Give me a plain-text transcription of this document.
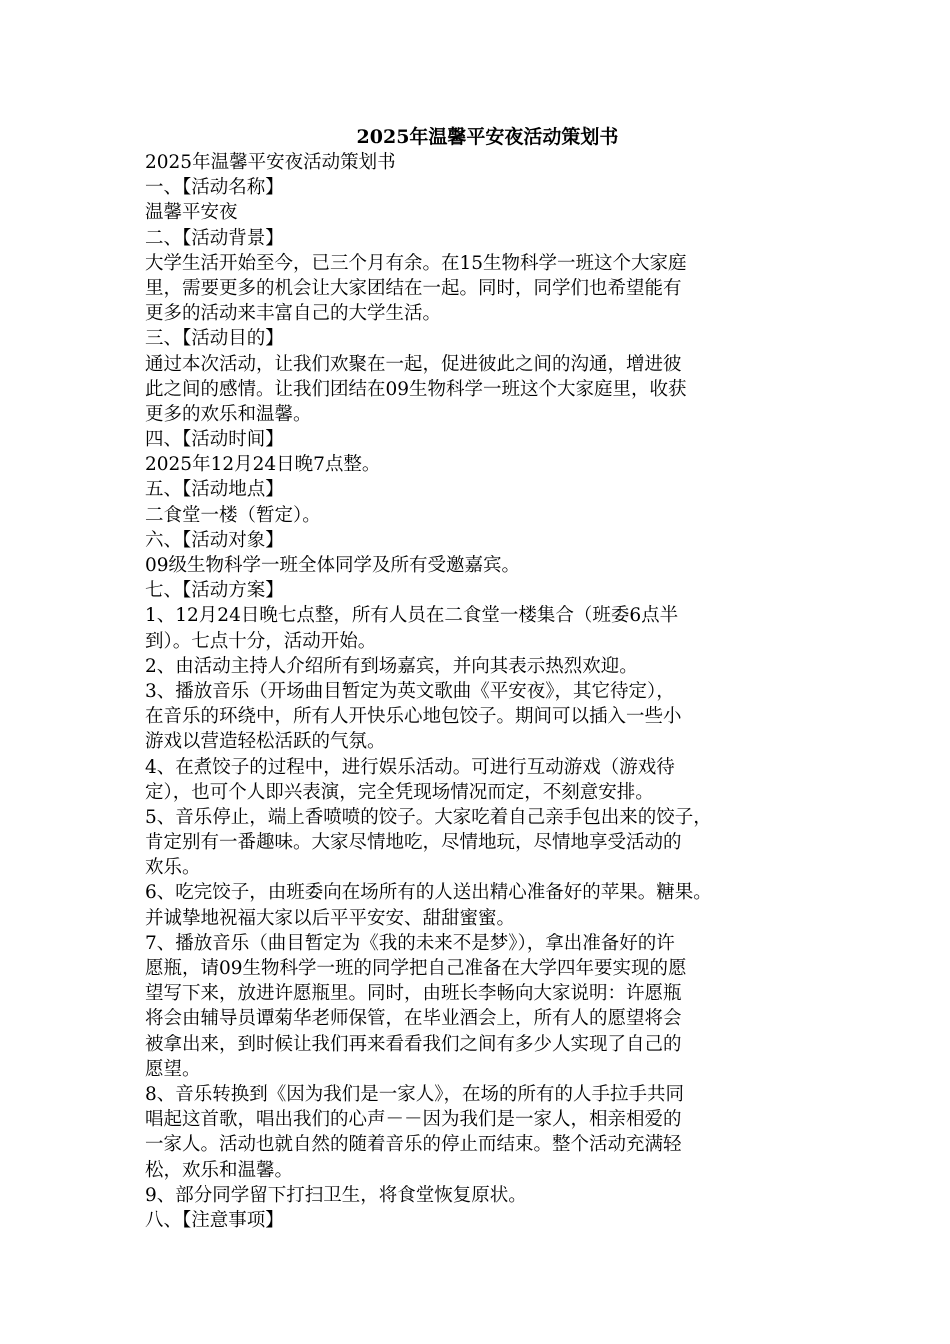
2025年温馨平安夜活动策划书
2025年温馨平安夜活动策划书
一、【活动名称】
温馨平安夜
二、【活动背景】
大学生活开始至今，已三个月有余。在15生物科学一班这个大家庭
里，需要更多的机会让大家团结在一起。同时，同学们也希望能有
更多的活动来丰富自己的大学生活。
三、【活动目的】
通过本次活动，让我们欢聚在一起，促进彼此之间的沟通，增进彼
此之间的感情。让我们团结在09生物科学一班这个大家庭里，收获
更多的欢乐和温馨。
四、【活动时间】
2025年12月24日晚7点整。
五、【活动地点】
二食堂一楼（暂定）。
六、【活动对象】
09级生物科学一班全体同学及所有受邀嘉宾。
七、【活动方案】
1、12月24日晚七点整，所有人员在二食堂一楼集合（班委6点半
到）。七点十分，活动开始。
2、由活动主持人介绍所有到场嘉宾，并向其表示热烈欢迎。
3、播放音乐（开场曲目暂定为英文歌曲《平安夜》，其它待定），
在音乐的环绕中，所有人开快乐心地包饺子。期间可以插入一些小
游戏以营造轻松活跃的气氛。
4、在煮饺子的过程中，进行娱乐活动。可进行互动游戏（游戏待
定），也可个人即兴表演，完全凭现场情况而定，不刻意安排。
5、音乐停止，端上香喷喷的饺子。大家吃着自己亲手包出来的饺子，
肯定别有一番趣味。大家尽情地吃，尽情地玩，尽情地享受活动的
欢乐。
6、吃完饺子，由班委向在场所有的人送出精心准备好的苹果。糖果。
并诚挚地祝福大家以后平平安安、甜甜蜜蜜。
7、播放音乐（曲目暂定为《我的未来不是梦》），拿出准备好的许
愿瓶，请09生物科学一班的同学把自己准备在大学四年要实现的愿
望写下来，放进许愿瓶里。同时，由班长李畅向大家说明：许愿瓶
将会由辅导员谭菊华老师保管，在毕业酒会上，所有人的愿望将会
被拿出来，到时候让我们再来看看我们之间有多少人实现了自己的
愿望。
8、音乐转换到《因为我们是一家人》，在场的所有的人手拉手共同
唱起这首歌，唱出我们的心声－－因为我们是一家人，相亲相爱的
一家人。活动也就自然的随着音乐的停止而结束。整个活动充满轻
松，欢乐和温馨。
9、部分同学留下打扫卫生，将食堂恢复原状。
八、【注意事项】
